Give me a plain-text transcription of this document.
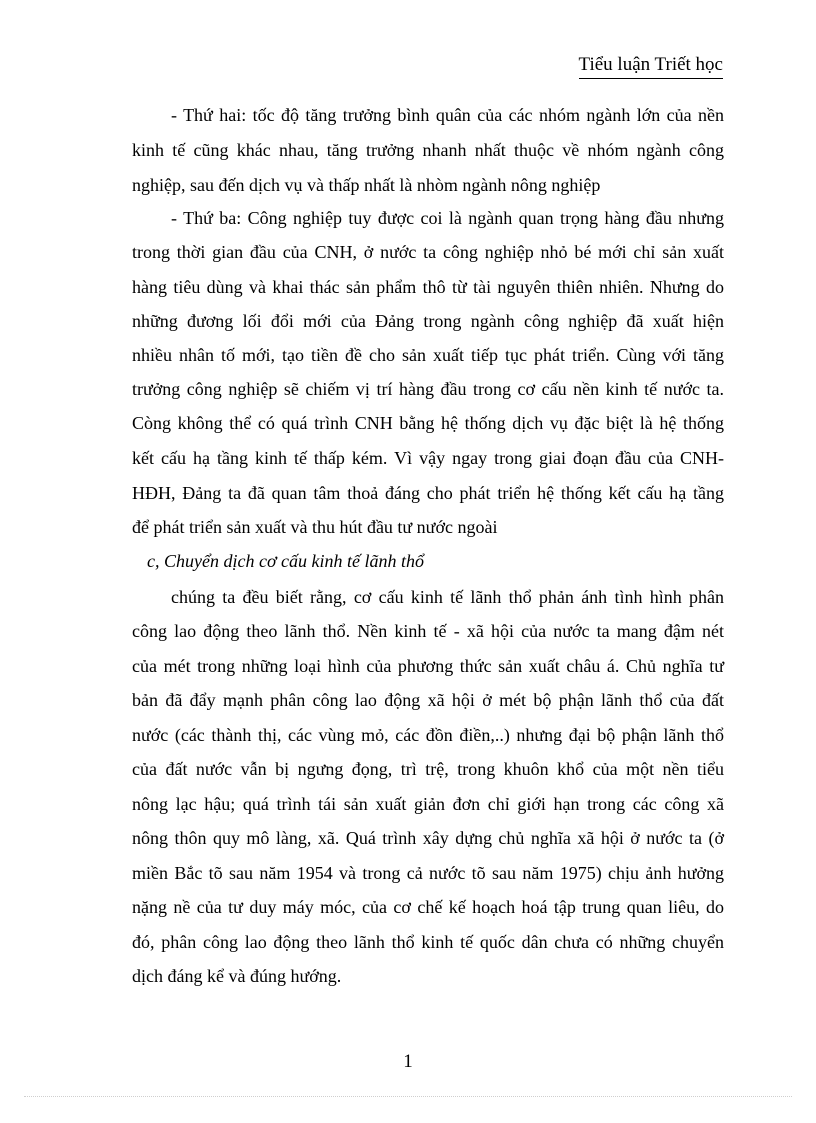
Tiểu luận Triết học
- Thứ hai: tốc độ tăng trưởng bình quân của các nhóm ngành lớn của nền
kinh tế cũng khác nhau, tăng trưởng nhanh nhất thuộc về nhóm ngành công
nghiệp, sau đến dịch vụ và thấp nhất là nhòm ngành nông nghiệp
- Thứ ba: Công nghiệp tuy được coi là ngành quan trọng hàng đầu nhưng
trong thời gian đầu của CNH, ở nước ta công nghiệp nhỏ bé mới chỉ sản xuất
hàng tiêu dùng và khai thác sản phẩm thô từ tài nguyên thiên nhiên. Nhưng do
những đương lối đổi mới của Đảng trong ngành công nghiệp đã xuất hiện
nhiều nhân tố mới, tạo tiền đề cho sản xuất tiếp tục phát triển. Cùng với tăng
trưởng công nghiệp sẽ chiếm vị trí hàng đầu trong cơ cấu nền kinh tế nước ta.
Còng không thể có quá trình CNH bằng hệ thống dịch vụ đặc biệt là hệ thống
kết cấu hạ tầng kinh tế thấp kém. Vì vậy ngay trong giai đoạn đầu của CNH-
HĐH, Đảng ta đã quan tâm thoả đáng cho phát triển hệ thống kết cấu hạ tầng
để phát triển sản xuất và thu hút đầu tư nước ngoài
c, Chuyển dịch cơ cấu kinh tế lãnh thổ
chúng ta đều biết rằng, cơ cấu kinh tế lãnh thổ phản ánh tình hình phân
công lao động theo lãnh thổ. Nền kinh tế - xã hội của nước ta mang đậm nét
của mét trong những loại hình của phương thức sản xuất châu á. Chủ nghĩa tư
bản đã đẩy mạnh phân công lao động xã hội ở mét bộ phận lãnh thổ của đất
nước (các thành thị, các vùng mỏ, các đồn điền,..) nhưng đại bộ phận lãnh thổ
của đất nước vẫn bị ngưng đọng, trì trệ, trong khuôn khổ của một nền tiểu
nông lạc hậu; quá trình tái sản xuất giản đơn chỉ giới hạn trong các công xã
nông thôn quy mô làng, xã. Quá trình xây dựng chủ nghĩa xã hội ở nước ta (ở
miền Bắc tõ sau năm 1954 và trong cả nước tõ sau năm 1975) chịu ảnh hưởng
nặng nề của tư duy máy móc, của cơ chế kế hoạch hoá tập trung quan liêu, do
đó, phân công lao động theo lãnh thổ kinh tế quốc dân chưa có những chuyển
dịch đáng kể và đúng hướng.
1
